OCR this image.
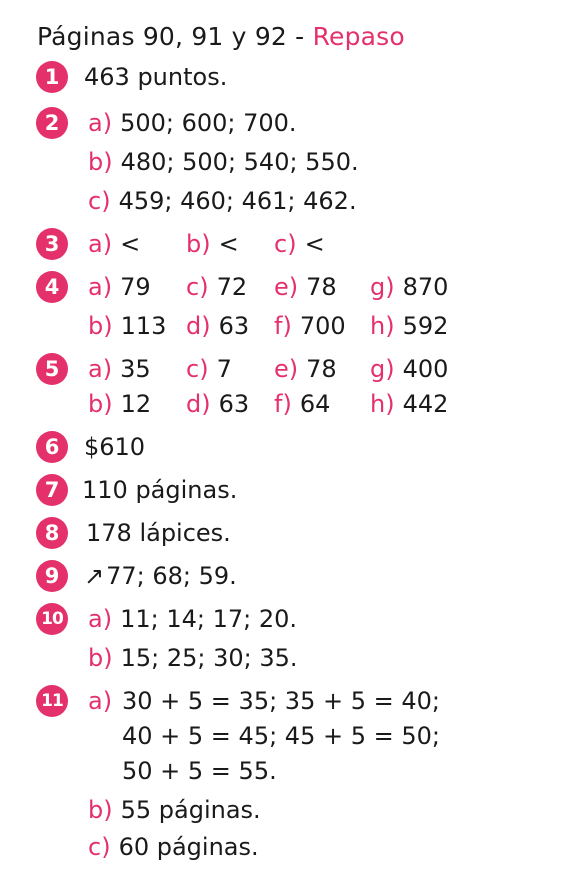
Páginas 90, 91 y 92 - Repaso
1	463 puntos.
2	a) 500; 600; 700.
b) 480; 500; 540; 550.
c) 459; 460; 461; 462.
3	a) < b) < c) <
4	a) 79 c) 72 e) 78 g) 870
b) 113 d) 63 f) 700 h) 592
5	a) 35 c) 7 e) 78 g) 400
b) 12 d) 63 f) 64 h) 442
6	$610
7 110 páginas.
8	178 lápices.
9	↗ 77; 68; 59.
10 a) 11; 14; 17; 20.
b) 15; 25; 30; 35.
11 a) 30 + 5 = 35; 35 + 5 = 40;
40 + 5 = 45; 45 + 5 = 50;
50 + 5 = 55.
b) 55 páginas.
c) 60 páginas.
